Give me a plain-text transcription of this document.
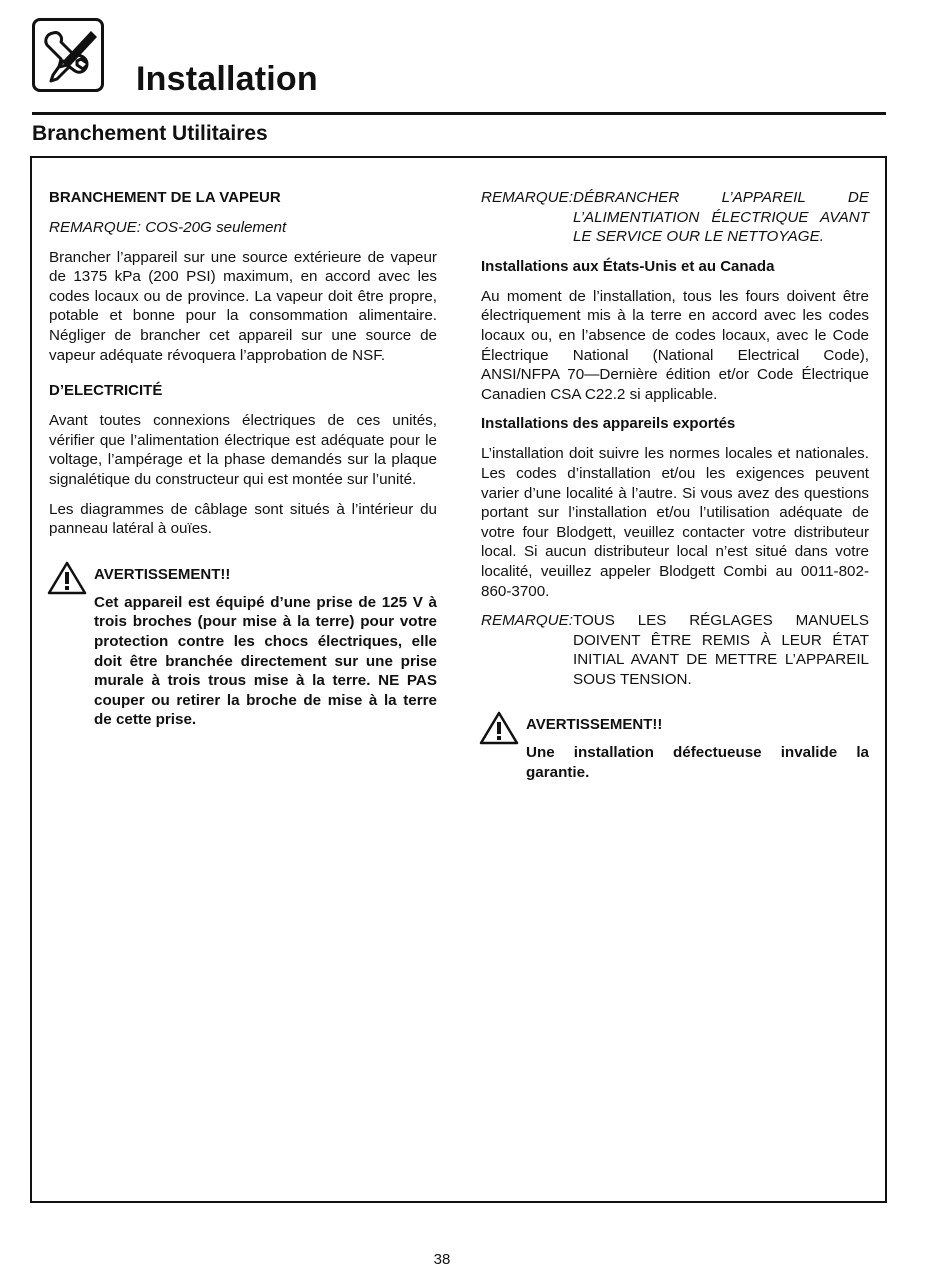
Installation
Branchement Utilitaires
BRANCHEMENT DE LA VAPEUR

REMARQUE: COS-20G seulement

Brancher l’appareil sur une source extérieure de vapeur de 1375 kPa (200 PSI) maximum, en accord avec les codes locaux ou de province. La vapeur doit être propre, potable et bonne pour la consommation alimentaire. Négliger de brancher cet appareil sur une source de vapeur adéquate révoquera l’approbation de NSF.

D’ELECTRICITÉ

Avant toutes connexions électriques de ces unités, vérifier que l’alimentation électrique est adéquate pour le voltage, l’ampérage et la phase demandés sur la plaque signalétique du constructeur qui est montée sur l’unité.

Les diagrammes de câblage sont situés à l’intérieur du panneau latéral à ouïes.

AVERTISSEMENT!!

Cet appareil est équipé d’une prise de 125 V à trois broches (pour mise à la terre) pour votre protection contre les chocs électriques, elle doit être branchée directement sur une prise murale à trois trous mise à la terre. NE PAS couper ou retirer la broche de mise à la terre de cette prise.

REMARQUE: DÉBRANCHER L’APPAREIL DE L’ALIMENTIATION ÉLECTRIQUE AVANT LE SERVICE OUR LE NETTOYAGE.
Installations aux États-Unis et au Canada

Au moment de l’installation, tous les fours doivent être électriquement mis à la terre en accord avec les codes locaux ou, en l’absence de codes locaux, avec le Code Électrique National (National Electrical Code), ANSI/NFPA 70—Dernière édition et/or Code Électrique Canadien CSA C22.2 si applicable.

Installations des appareils exportés

L’installation doit suivre les normes locales et nationales. Les codes d’installation et/ou les exigences peuvent varier d’une localité à l’autre. Si vous avez des questions portant sur l’installation et/ou l’utilisation adéquate de votre four Blodgett, veuillez contacter votre distributeur local. Si aucun distributeur local n’est situé dans votre localité, veuillez appeler Blodgett Combi au 0011-802-860-3700.

REMARQUE: TOUS LES RÉGLAGES MANUELS DOIVENT ÊTRE REMIS À LEUR ÉTAT INITIAL AVANT DE METTRE L’APPAREIL SOUS TENSION.
AVERTISSEMENT!!

Une installation défectueuse invalide la garantie.

38
